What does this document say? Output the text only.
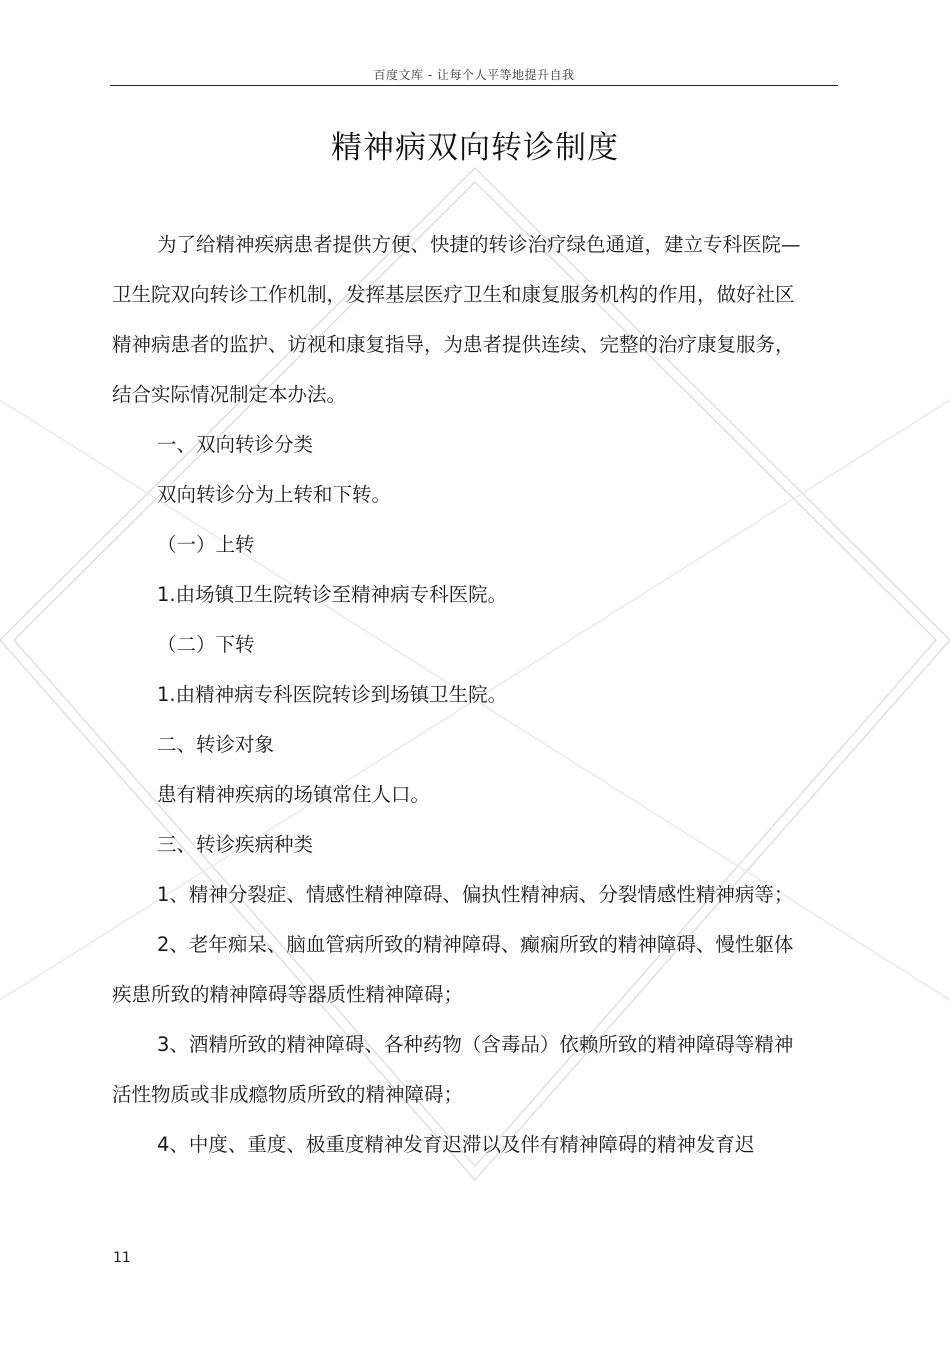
百度文库 - 让每个人平等地提升自我
精神病双向转诊制度

为了给精神疾病患者提供方便、快捷的转诊治疗绿色通道，建立专科医院—卫生院双向转诊工作机制，发挥基层医疗卫生和康复服务机构的作用，做好社区精神病患者的监护、访视和康复指导，为患者提供连续、完整的治疗康复服务，结合实际情况制定本办法。

一、双向转诊分类

双向转诊分为上转和下转。

（一）上转

1.由场镇卫生院转诊至精神病专科医院。

（二）下转

1.由精神病专科医院转诊到场镇卫生院。

二、转诊对象

患有精神疾病的场镇常住人口。

三、转诊疾病种类

1、精神分裂症、情感性精神障碍、偏执性精神病、分裂情感性精神病等；

2、老年痴呆、脑血管病所致的精神障碍、癫痫所致的精神障碍、慢性躯体疾患所致的精神障碍等器质性精神障碍；

3、酒精所致的精神障碍、各种药物（含毒品）依赖所致的精神障碍等精神活性物质或非成瘾物质所致的精神障碍；

4、中度、重度、极重度精神发育迟滞以及伴有精神障碍的精神发育迟

11
